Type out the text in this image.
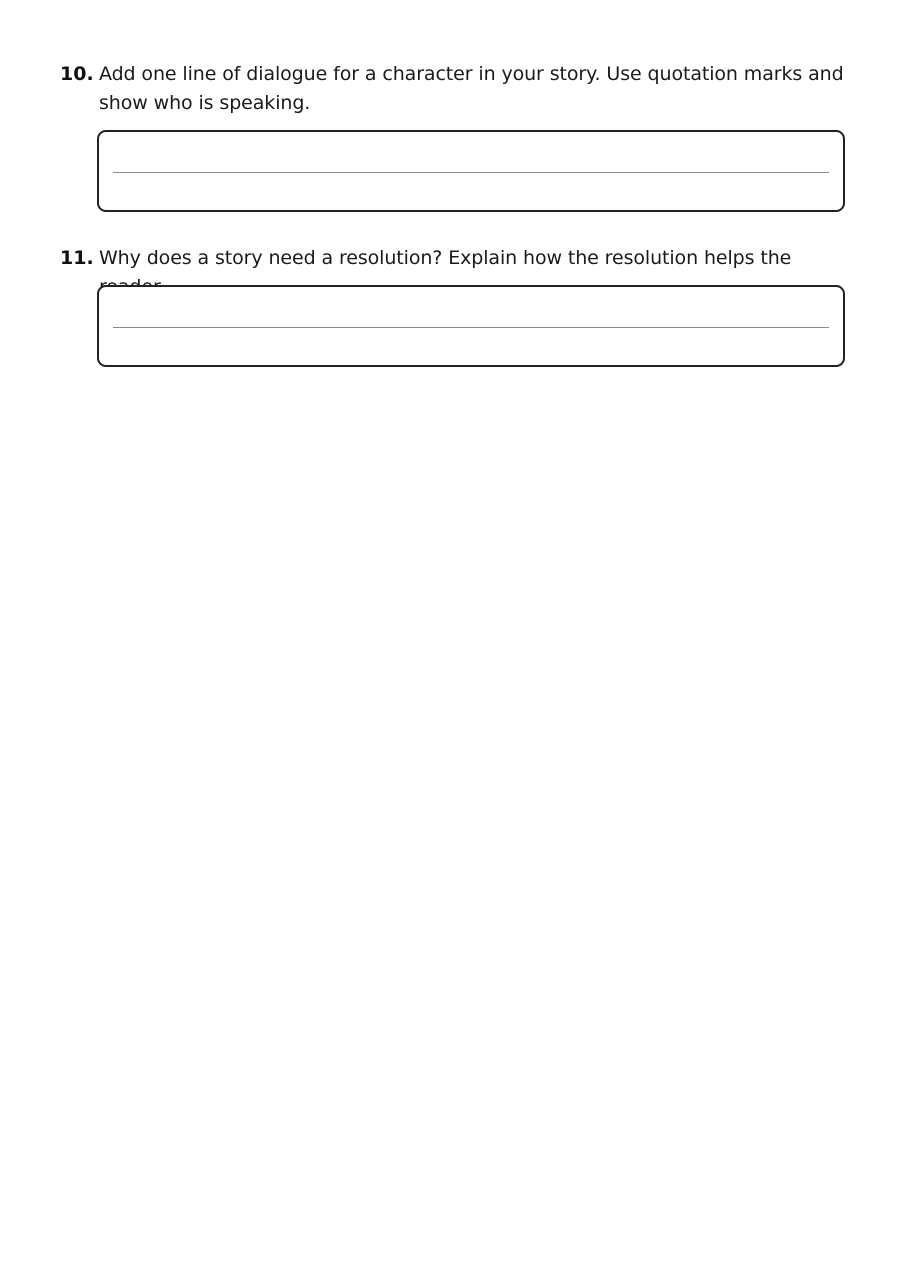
10. Add one line of dialogue for a character in your story. Use quotation marks and show who is speaking.
11. Why does a story need a resolution? Explain how the resolution helps the
